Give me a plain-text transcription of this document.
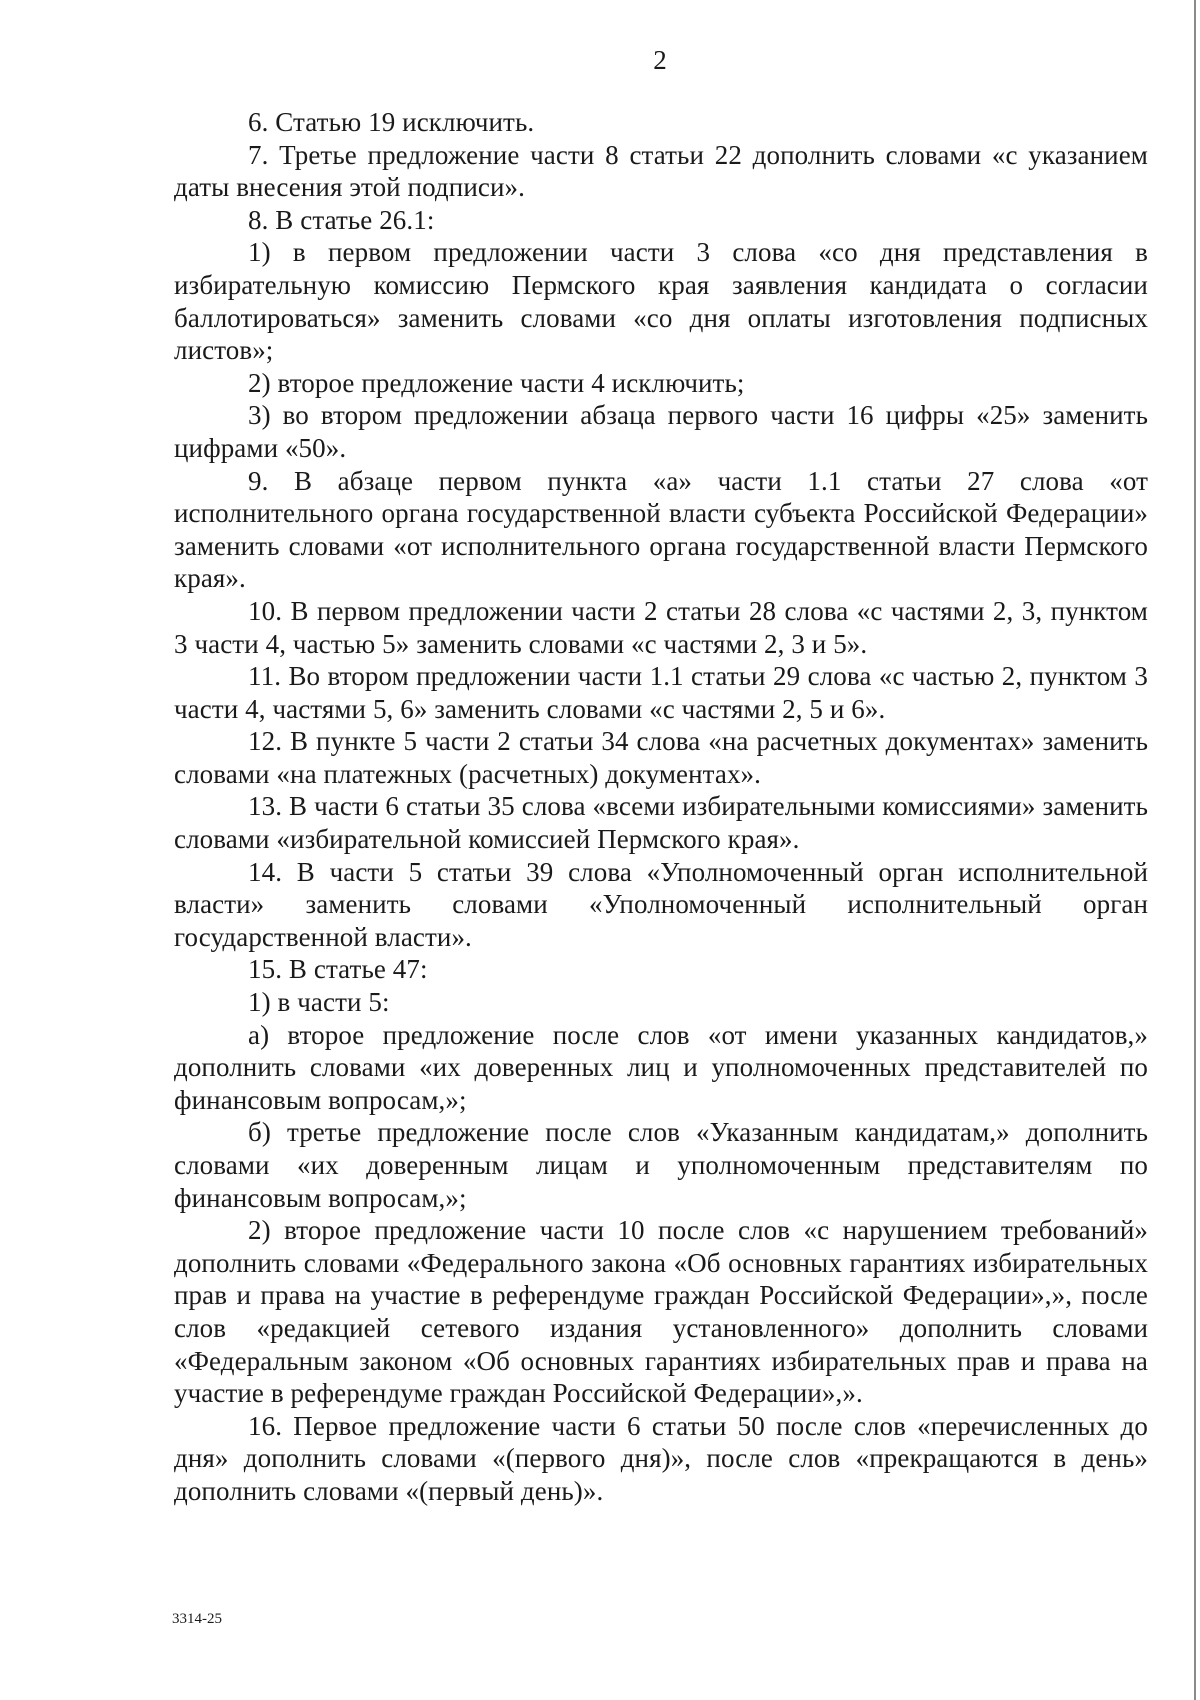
2

6. Статью 19 исключить.

7. Третье предложение части 8 статьи 22 дополнить словами «с указанием даты внесения этой подписи».

8. В статье 26.1:

1) в первом предложении части 3 слова «со дня представления в избирательную комиссию Пермского края заявления кандидата о согласии баллотироваться» заменить словами «со дня оплаты изготовления подписных листов»;

2) второе предложение части 4 исключить;

3) во втором предложении абзаца первого части 16 цифры «25» заменить цифрами «50».

9. В абзаце первом пункта «а» части 1.1 статьи 27 слова «от исполнительного органа государственной власти субъекта Российской Федерации» заменить словами «от исполнительного органа государственной власти Пермского края».

10. В первом предложении части 2 статьи 28 слова «с частями 2, 3, пунктом 3 части 4, частью 5» заменить словами «с частями 2, 3 и 5».

11. Во втором предложении части 1.1 статьи 29 слова «с частью 2, пунктом 3 части 4, частями 5, 6» заменить словами «с частями 2, 5 и 6».

12. В пункте 5 части 2 статьи 34 слова «на расчетных документах» заменить словами «на платежных (расчетных) документах».

13. В части 6 статьи 35 слова «всеми избирательными комиссиями» заменить словами «избирательной комиссией Пермского края».

14. В части 5 статьи 39 слова «Уполномоченный орган исполнительной власти» заменить словами «Уполномоченный исполнительный орган государственной власти».

15. В статье 47:

1) в части 5:

а) второе предложение после слов «от имени указанных кандидатов,» дополнить словами «их доверенных лиц и уполномоченных представителей по финансовым вопросам,»;

б) третье предложение после слов «Указанным кандидатам,» дополнить словами «их доверенным лицам и уполномоченным представителям по финансовым вопросам,»;

2) второе предложение части 10 после слов «с нарушением требований» дополнить словами «Федерального закона «Об основных гарантиях избирательных прав и права на участие в референдуме граждан Российской Федерации»,», после слов «редакцией сетевого издания установленного» дополнить словами «Федеральным законом «Об основных гарантиях избирательных прав и права на участие в референдуме граждан Российской Федерации»,».

16. Первое предложение части 6 статьи 50 после слов «перечисленных до дня» дополнить словами «(первого дня)», после слов «прекращаются в день» дополнить словами «(первый день)».

3314-25
